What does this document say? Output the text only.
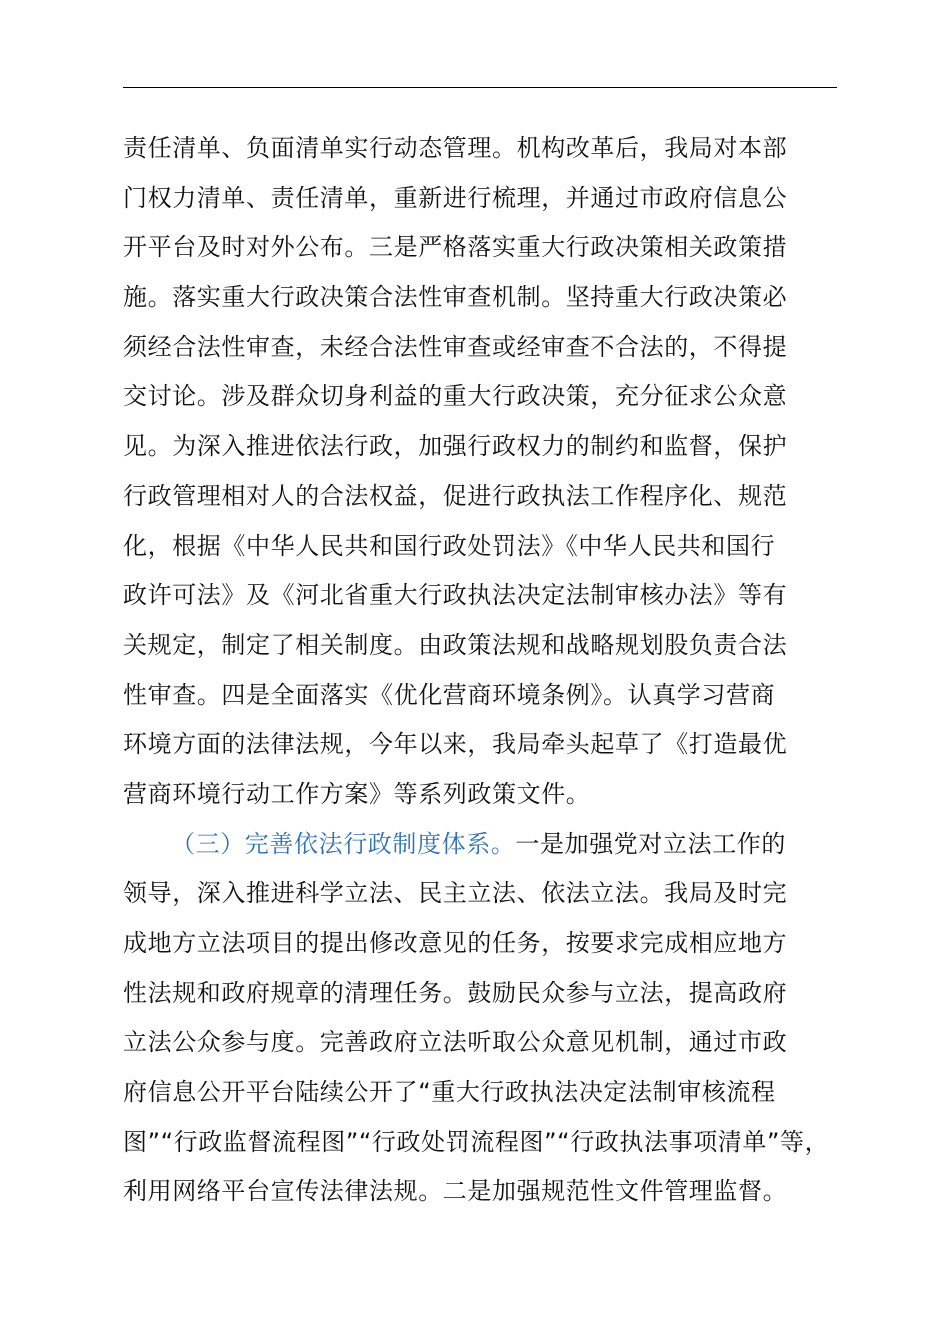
责任清单、负面清单实行动态管理。机构改革后，我局对本部
门权力清单、责任清单，重新进行梳理，并通过市政府信息公
开平台及时对外公布。三是严格落实重大行政决策相关政策措
施。落实重大行政决策合法性审查机制。坚持重大行政决策必
须经合法性审查，未经合法性审查或经审查不合法的，不得提
交讨论。涉及群众切身利益的重大行政决策，充分征求公众意
见。为深入推进依法行政，加强行政权力的制约和监督，保护
行政管理相对人的合法权益，促进行政执法工作程序化、规范
化，根据《中华人民共和国行政处罚法》《中华人民共和国行
政许可法》及《河北省重大行政执法决定法制审核办法》等有
关规定，制定了相关制度。由政策法规和战略规划股负责合法
性审查。四是全面落实《优化营商环境条例》。认真学习营商
环境方面的法律法规，今年以来，我局牵头起草了《打造最优
营商环境行动工作方案》等系列政策文件。
（三）完善依法行政制度体系。一是加强党对立法工作的
领导，深入推进科学立法、民主立法、依法立法。我局及时完
成地方立法项目的提出修改意见的任务，按要求完成相应地方
性法规和政府规章的清理任务。鼓励民众参与立法，提高政府
立法公众参与度。完善政府立法听取公众意见机制，通过市政
府信息公开平台陆续公开了“重大行政执法决定法制审核流程
图”“行政监督流程图”“行政处罚流程图”“行政执法事项清单”等，
利用网络平台宣传法律法规。二是加强规范性文件管理监督。
